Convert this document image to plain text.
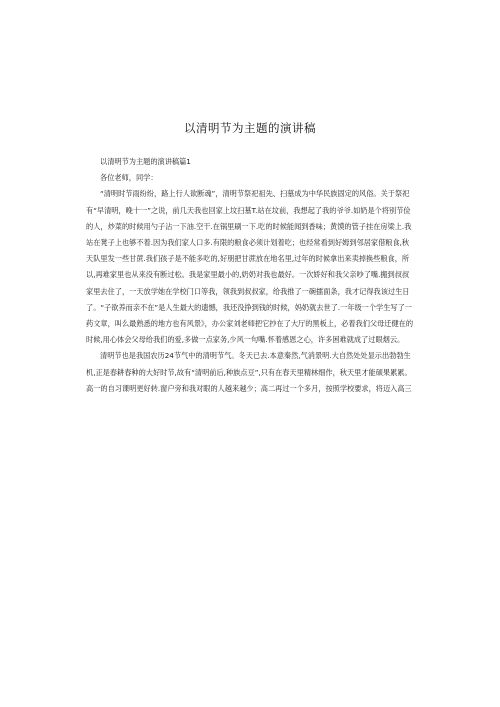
以清明节为主题的演讲稿

以清明节为主题的演讲稿篇1

各位老师，同学：

“清明时节雨纷纷，路上行人欲断魂”，清明节祭祀祖先、扫墓成为中华民族固定的风俗。关于祭祀有“早清明，晚十一”之说，前几天我也回家上坟扫墓T.站在坟前，我想起了我的爷爷.如奶是个将别节俭的人，炒菜的时候用勺子沾一下油.空干.在锅里刷一下.吃的时候能闻到香味；黄馍的管子挂在房梁上.我站在凳子上也够不着.因为我们家人口多.有限的粮食必须计划着吃；也经常看到好姆到邻居家借粮食,秋天队里发一些甘蔗.我们孩子是不能多吃的,好朋把甘蔗放在地名里,过年的时候拿出来卖掉换些粮食，所以,再难家里也从来没有断过松。我是家里最小的,奶奶对我也最好。一次娇好和我父亲吵了嘴.搬到叔叔家里去住了，一天放学她在学校门口等我，领我到叔叔家，给我推了一碗擂面条，我才记得我该过生日了。“子欲养而亲不在”是人生最大的遗憾，我还没挣到钱的时候，妈奶就去世了.一年级一个学生写了一药文章，叫么最熟悉的地方也有风景》，办公家刘老师把它抄在了大厅的黑板上，必着我们父母迁健在的时候,用心体会父母给我们的爱,多做一点家务,少风一句嘴.怀着感恩之心，许多困难就成了过眼烟云。

清明节也是我国农历24节气中的清明节气。冬天已去.本意秦然,气消景明.大自然处处显示出勃勃生机,正是春耕春种的大好时节,故有“清明前后,种族点豆”,只有在春天里精林细作，秋天里才能硕果累累。高一的自习课明更好转.窗户旁和我对眼的人越来越少；高二再过一个多月，按照学校要求，将迈入高三
